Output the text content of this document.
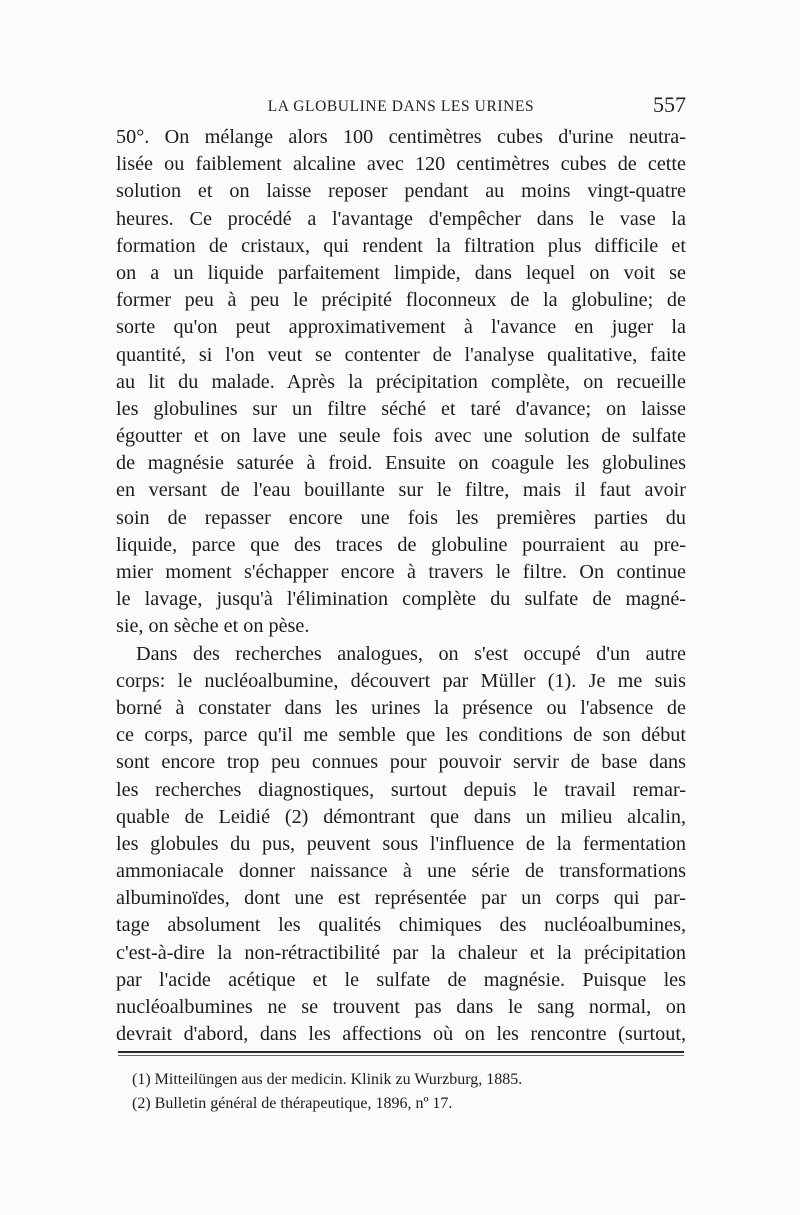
LA GLOBULINE DANS LES URINES	557
50°. On mélange alors 100 centimètres cubes d'urine neutra-
lisée ou faiblement alcaline avec 120 centimètres cubes de cette
solution et on laisse reposer pendant au moins vingt-quatre
heures. Ce procédé a l'avantage d'empêcher dans le vase la
formation de cristaux, qui rendent la filtration plus difficile et
on a un liquide parfaitement limpide, dans lequel on voit se
former peu à peu le précipité floconneux de la globuline; de
sorte qu'on peut approximativement à l'avance en juger la
quantité, si l'on veut se contenter de l'analyse qualitative, faite
au lit du malade. Après la précipitation complète, on recueille
les globulines sur un filtre séché et taré d'avance; on laisse
égoutter et on lave une seule fois avec une solution de sulfate
de magnésie saturée à froid. Ensuite on coagule les globulines
en versant de l'eau bouillante sur le filtre, mais il faut avoir
soin de repasser encore une fois les premières parties du
liquide, parce que des traces de globuline pourraient au pre-
mier moment s'échapper encore à travers le filtre. On continue
le lavage, jusqu'à l'élimination complète du sulfate de magné-
sie, on sèche et on pèse.
Dans des recherches analogues, on s'est occupé d'un autre
corps: le nucléoalbumine, découvert par Müller (1). Je me suis
borné à constater dans les urines la présence ou l'absence de
ce corps, parce qu'il me semble que les conditions de son début
sont encore trop peu connues pour pouvoir servir de base dans
les recherches diagnostiques, surtout depuis le travail remar-
quable de Leidié (2) démontrant que dans un milieu alcalin,
les globules du pus, peuvent sous l'influence de la fermentation
ammoniacale donner naissance à une série de transformations
albuminoïdes, dont une est représentée par un corps qui par-
tage absolument les qualités chimiques des nucléoalbumines,
c'est-à-dire la non-rétractibilité par la chaleur et la précipitation
par l'acide acétique et le sulfate de magnésie. Puisque les
nucléoalbumines ne se trouvent pas dans le sang normal, on
devrait d'abord, dans les affections où on les rencontre (surtout,
(1) Mitteilüngen aus der medicin. Klinik zu Wurzburg, 1885.
(2) Bulletin général de thérapeutique, 1896, nº 17.
